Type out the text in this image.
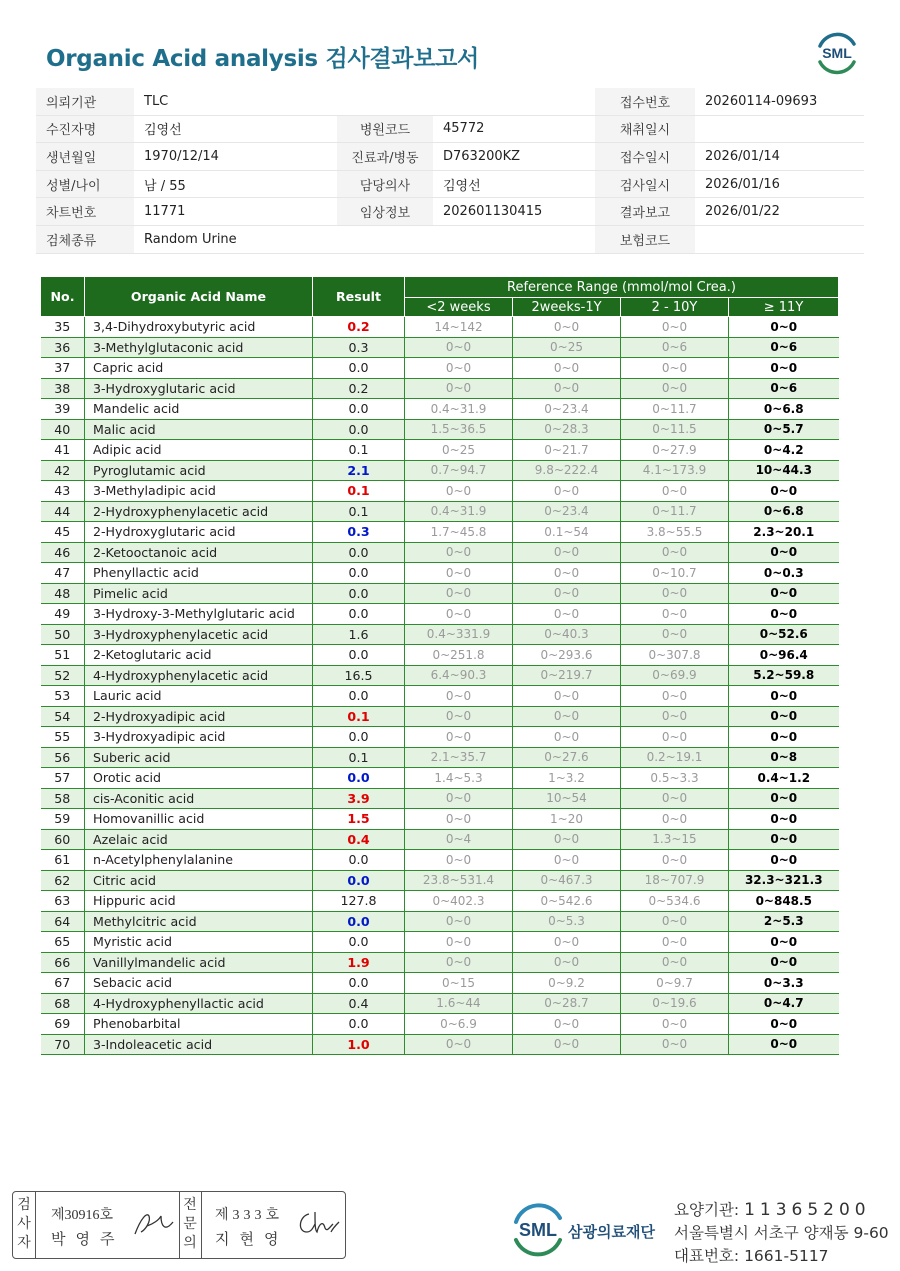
Organic Acid analysis 검사결과보고서	SML
의뢰기관	TLC			접수번호	20260114-09693
수진자명	김영선	병원코드	45772	채취일시	
생년월일	1970/12/14	진료과/병동	D763200KZ	접수일시	2026/01/14
성별/나이	남 / 55	담당의사	김영선	검사일시	2026/01/16
차트번호	11771	임상정보	202601130415	결과보고	2026/01/22
검체종류	Random Urine			보험코드	
No.	Organic Acid Name	Result	Reference Range (mmol/mol Crea.)			
			<2 weeks	2weeks-1Y	2 - 10Y	≥ 11Y
35	3,4-Dihydroxybutyric acid	0.2	14~142	0~0	0~0	0~0
36	3-Methylglutaconic acid	0.3	0~0	0~25	0~6	0~6
37	Capric acid	0.0	0~0	0~0	0~0	0~0
38	3-Hydroxyglutaric acid	0.2	0~0	0~0	0~0	0~6
39	Mandelic acid	0.0	0.4~31.9	0~23.4	0~11.7	0~6.8
40	Malic acid	0.0	1.5~36.5	0~28.3	0~11.5	0~5.7
41	Adipic acid	0.1	0~25	0~21.7	0~27.9	0~4.2
42	Pyroglutamic acid	2.1	0.7~94.7	9.8~222.4	4.1~173.9	10~44.3
43	3-Methyladipic acid	0.1	0~0	0~0	0~0	0~0
44	2-Hydroxyphenylacetic acid	0.1	0.4~31.9	0~23.4	0~11.7	0~6.8
45	2-Hydroxyglutaric acid	0.3	1.7~45.8	0.1~54	3.8~55.5	2.3~20.1
46	2-Ketooctanoic acid	0.0	0~0	0~0	0~0	0~0
47	Phenyllactic acid	0.0	0~0	0~0	0~10.7	0~0.3
48	Pimelic acid	0.0	0~0	0~0	0~0	0~0
49	3-Hydroxy-3-Methylglutaric acid	0.0	0~0	0~0	0~0	0~0
50	3-Hydroxyphenylacetic acid	1.6	0.4~331.9	0~40.3	0~0	0~52.6
51	2-Ketoglutaric acid	0.0	0~251.8	0~293.6	0~307.8	0~96.4
52	4-Hydroxyphenylacetic acid	16.5	6.4~90.3	0~219.7	0~69.9	5.2~59.8
53	Lauric acid	0.0	0~0	0~0	0~0	0~0
54	2-Hydroxyadipic acid	0.1	0~0	0~0	0~0	0~0
55	3-Hydroxyadipic acid	0.0	0~0	0~0	0~0	0~0
56	Suberic acid	0.1	2.1~35.7	0~27.6	0.2~19.1	0~8
57	Orotic acid	0.0	1.4~5.3	1~3.2	0.5~3.3	0.4~1.2
58	cis-Aconitic acid	3.9	0~0	10~54	0~0	0~0
59	Homovanillic acid	1.5	0~0	1~20	0~0	0~0
60	Azelaic acid	0.4	0~4	0~0	1.3~15	0~0
61	n-Acetylphenylalanine	0.0	0~0	0~0	0~0	0~0
62	Citric acid	0.0	23.8~531.4	0~467.3	18~707.9	32.3~321.3
63	Hippuric acid	127.8	0~402.3	0~542.6	0~534.6	0~848.5
64	Methylcitric acid	0.0	0~0	0~5.3	0~0	2~5.3
65	Myristic acid	0.0	0~0	0~0	0~0	0~0
66	Vanillylmandelic acid	1.9	0~0	0~0	0~0	0~0
67	Sebacic acid	0.0	0~15	0~9.2	0~9.7	0~3.3
68	4-Hydroxyphenyllactic acid	0.4	1.6~44	0~28.7	0~19.6	0~4.7
69	Phenobarbital	0.0	0~6.9	0~0	0~0	0~0
70	3-Indoleacetic acid	1.0	0~0	0~0	0~0	0~0
검
사
자
제30916호
박영주
전
문
의
제333호
지현영	SML 삼광의료재단
요양기관: 11365200
서울특별시 서초구 양재동 9-60
대표번호: 1661-5117
